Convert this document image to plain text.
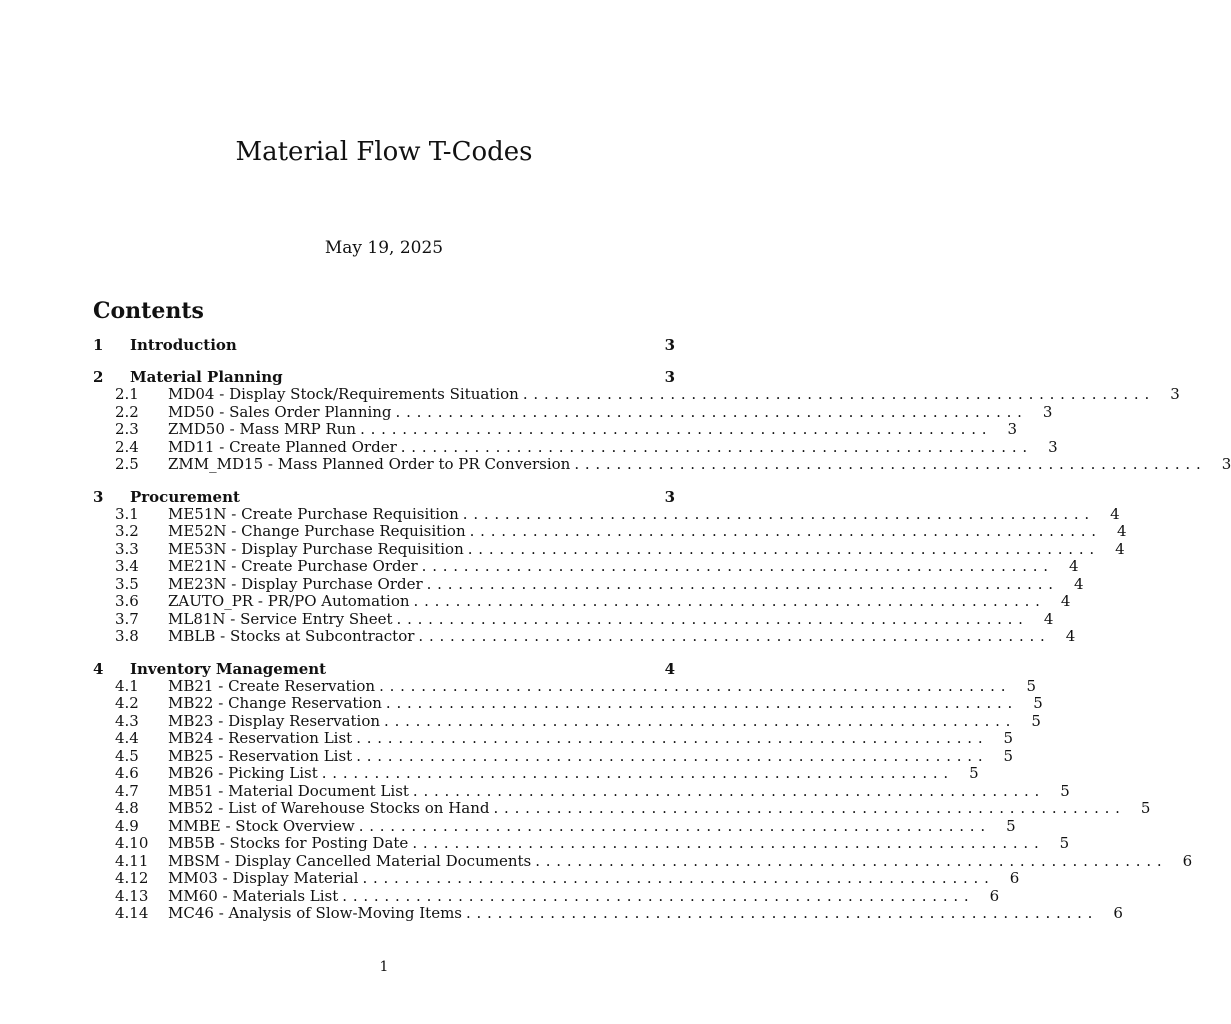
Material Flow T-Codes
May 19, 2025
Contents
1	Introduction	3
2	Material Planning	3
2.1	MD04 - Display Stock/Requirements Situation . . . . . . . . . . . . . . . . . . . . . . . . . . . . . . . . . . . . . . . . . . . . . . . . . . . . . . . . . . . .	3
2.2	MD50 - Sales Order Planning . . . . . . . . . . . . . . . . . . . . . . . . . . . . . . . . . . . . . . . . . . . . . . . . . . . . . . . . . . . .	3
2.3	ZMD50 - Mass MRP Run . . . . . . . . . . . . . . . . . . . . . . . . . . . . . . . . . . . . . . . . . . . . . . . . . . . . . . . . . . . .	3
2.4	MD11 - Create Planned Order . . . . . . . . . . . . . . . . . . . . . . . . . . . . . . . . . . . . . . . . . . . . . . . . . . . . . . . . . . . .	3
2.5	ZMM_MD15 - Mass Planned Order to PR Conversion . . . . . . . . . . . . . . . . . . . . . . . . . . . . . . . . . . . . . . . . . . . . . . . . . . . . . . . . . . . .	3
3	Procurement	3
3.1	ME51N - Create Purchase Requisition . . . . . . . . . . . . . . . . . . . . . . . . . . . . . . . . . . . . . . . . . . . . . . . . . . . . . . . . . . . .	4
3.2	ME52N - Change Purchase Requisition . . . . . . . . . . . . . . . . . . . . . . . . . . . . . . . . . . . . . . . . . . . . . . . . . . . . . . . . . . . .	4
3.3	ME53N - Display Purchase Requisition . . . . . . . . . . . . . . . . . . . . . . . . . . . . . . . . . . . . . . . . . . . . . . . . . . . . . . . . . . . .	4
3.4	ME21N - Create Purchase Order . . . . . . . . . . . . . . . . . . . . . . . . . . . . . . . . . . . . . . . . . . . . . . . . . . . . . . . . . . . .	4
3.5	ME23N - Display Purchase Order . . . . . . . . . . . . . . . . . . . . . . . . . . . . . . . . . . . . . . . . . . . . . . . . . . . . . . . . . . . .	4
3.6	ZAUTO_PR - PR/PO Automation . . . . . . . . . . . . . . . . . . . . . . . . . . . . . . . . . . . . . . . . . . . . . . . . . . . . . . . . . . . .	4
3.7	ML81N - Service Entry Sheet . . . . . . . . . . . . . . . . . . . . . . . . . . . . . . . . . . . . . . . . . . . . . . . . . . . . . . . . . . . .	4
3.8	MBLB - Stocks at Subcontractor . . . . . . . . . . . . . . . . . . . . . . . . . . . . . . . . . . . . . . . . . . . . . . . . . . . . . . . . . . . .	4
4	Inventory Management	4
4.1	MB21 - Create Reservation . . . . . . . . . . . . . . . . . . . . . . . . . . . . . . . . . . . . . . . . . . . . . . . . . . . . . . . . . . . .	5
4.2	MB22 - Change Reservation . . . . . . . . . . . . . . . . . . . . . . . . . . . . . . . . . . . . . . . . . . . . . . . . . . . . . . . . . . . .	5
4.3	MB23 - Display Reservation . . . . . . . . . . . . . . . . . . . . . . . . . . . . . . . . . . . . . . . . . . . . . . . . . . . . . . . . . . . .	5
4.4	MB24 - Reservation List . . . . . . . . . . . . . . . . . . . . . . . . . . . . . . . . . . . . . . . . . . . . . . . . . . . . . . . . . . . .	5
4.5	MB25 - Reservation List . . . . . . . . . . . . . . . . . . . . . . . . . . . . . . . . . . . . . . . . . . . . . . . . . . . . . . . . . . . .	5
4.6	MB26 - Picking List . . . . . . . . . . . . . . . . . . . . . . . . . . . . . . . . . . . . . . . . . . . . . . . . . . . . . . . . . . . .	5
4.7	MB51 - Material Document List . . . . . . . . . . . . . . . . . . . . . . . . . . . . . . . . . . . . . . . . . . . . . . . . . . . . . . . . . . . .	5
4.8	MB52 - List of Warehouse Stocks on Hand . . . . . . . . . . . . . . . . . . . . . . . . . . . . . . . . . . . . . . . . . . . . . . . . . . . . . . . . . . . .	5
4.9	MMBE - Stock Overview . . . . . . . . . . . . . . . . . . . . . . . . . . . . . . . . . . . . . . . . . . . . . . . . . . . . . . . . . . . .	5
4.10	MB5B - Stocks for Posting Date . . . . . . . . . . . . . . . . . . . . . . . . . . . . . . . . . . . . . . . . . . . . . . . . . . . . . . . . . . . .	5
4.11	MBSM - Display Cancelled Material Documents . . . . . . . . . . . . . . . . . . . . . . . . . . . . . . . . . . . . . . . . . . . . . . . . . . . . . . . . . . . .	6
4.12	MM03 - Display Material . . . . . . . . . . . . . . . . . . . . . . . . . . . . . . . . . . . . . . . . . . . . . . . . . . . . . . . . . . . .	6
4.13	MM60 - Materials List . . . . . . . . . . . . . . . . . . . . . . . . . . . . . . . . . . . . . . . . . . . . . . . . . . . . . . . . . . . .	6
4.14	MC46 - Analysis of Slow-Moving Items . . . . . . . . . . . . . . . . . . . . . . . . . . . . . . . . . . . . . . . . . . . . . . . . . . . . . . . . . . . .	6
1
